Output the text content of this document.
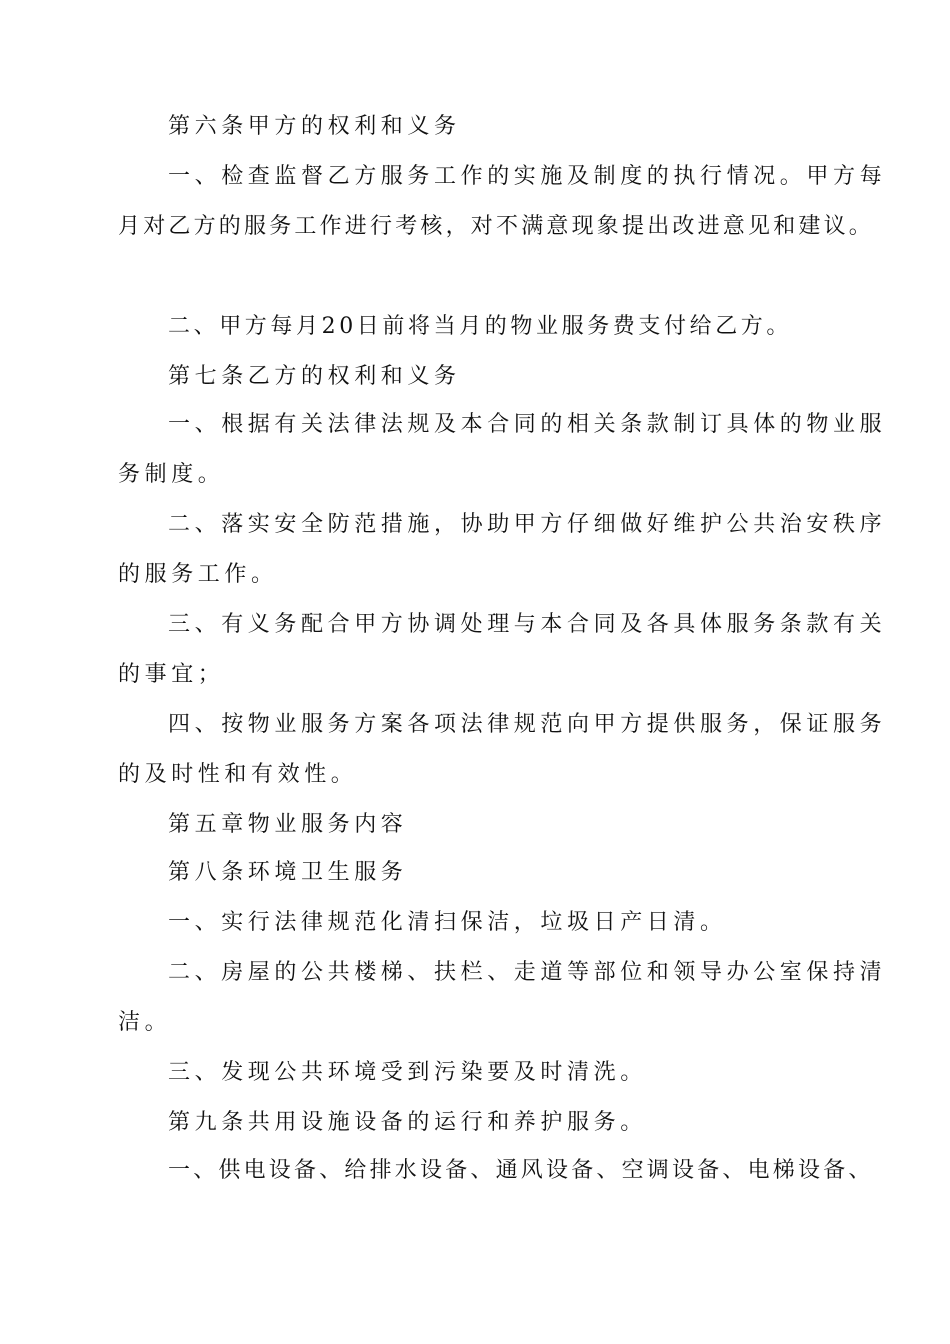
第六条甲方的权利和义务
一、检查监督乙方服务工作的实施及制度的执行情况。甲方每
月对乙方的服务工作进行考核，对不满意现象提出改进意见和建议。
二、甲方每月20日前将当月的物业服务费支付给乙方。
第七条乙方的权利和义务
一、根据有关法律法规及本合同的相关条款制订具体的物业服
务制度。
二、落实安全防范措施，协助甲方仔细做好维护公共治安秩序
的服务工作。
三、有义务配合甲方协调处理与本合同及各具体服务条款有关
的事宜；
四、按物业服务方案各项法律规范向甲方提供服务，保证服务
的及时性和有效性。
第五章物业服务内容
第八条环境卫生服务
一、实行法律规范化清扫保洁，垃圾日产日清。
二、房屋的公共楼梯、扶栏、走道等部位和领导办公室保持清
洁。
三、发现公共环境受到污染要及时清洗。
第九条共用设施设备的运行和养护服务。
一、供电设备、给排水设备、通风设备、空调设备、电梯设备、
